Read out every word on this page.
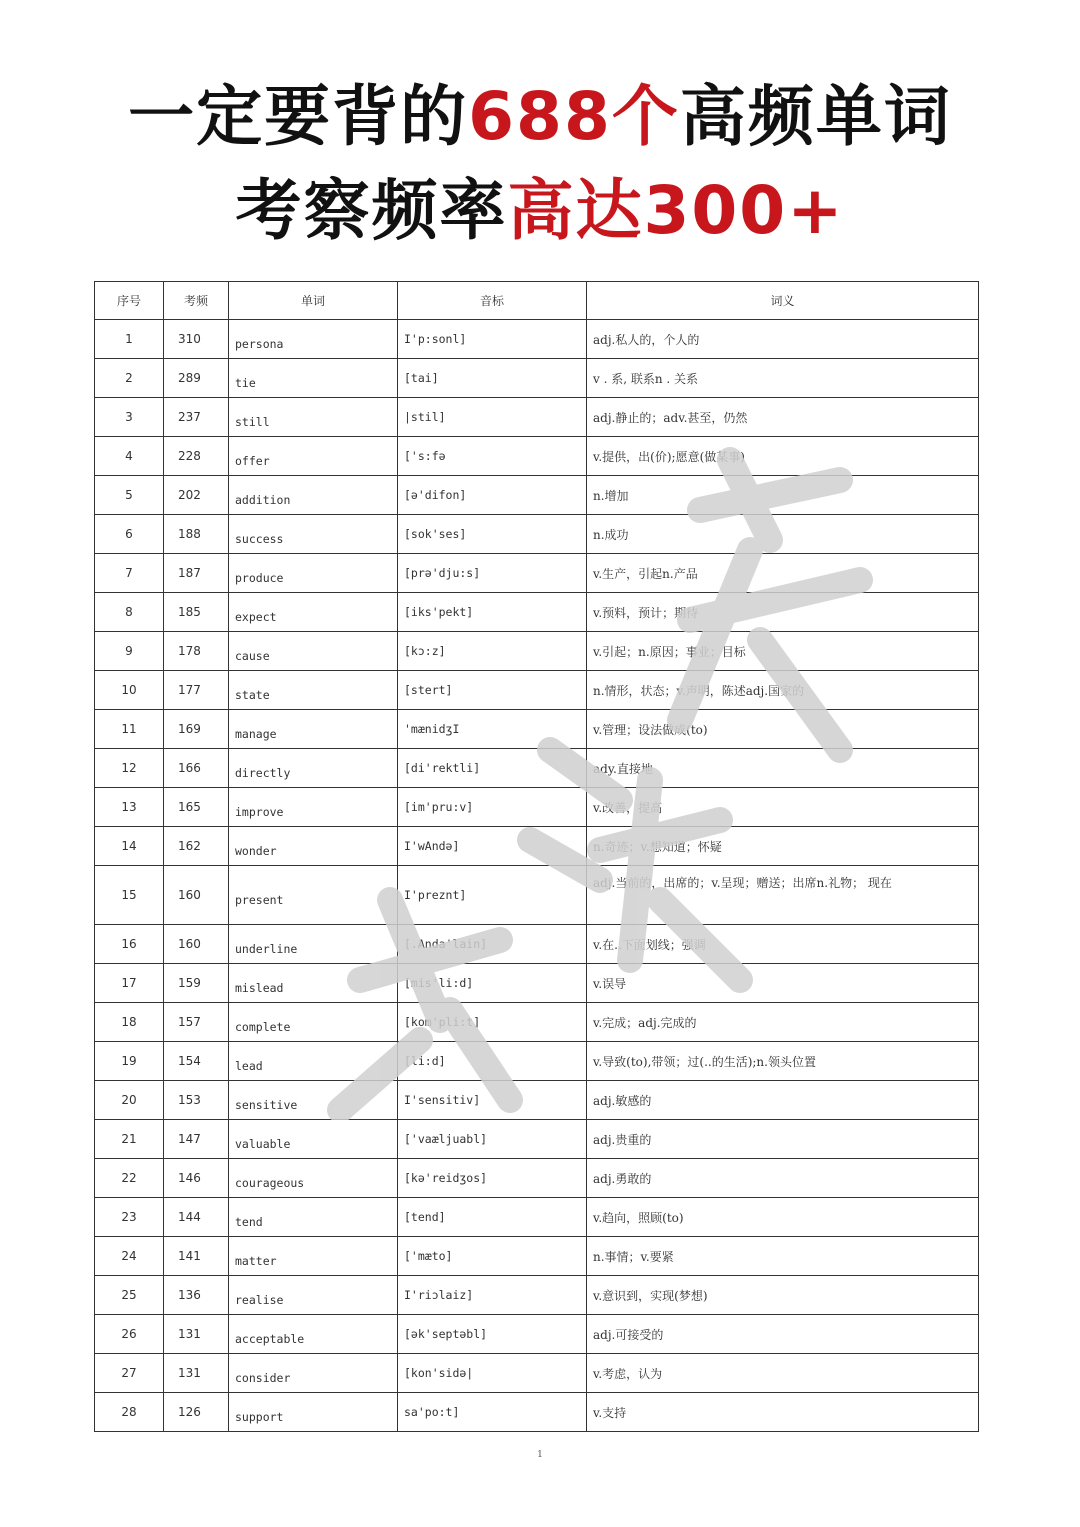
一定要背的688个高频单词
考察频率高达300+
序号	考频	单词	音标	词义
1	310	persona	I'p:sonl]	adj.私人的，个人的
2	289	tie	[tai]	v . 系, 联系n . 关系
3	237	still	|stil]	adj.静止的；adv.甚至，仍然
4	228	offer	['s:fə	v.提供，出(价);愿意(做某事)
5	202	addition	[ə'difon]	n.增加
6	188	success	[sok'ses]	n.成功
7	187	produce	[prə'dju:s]	v.生产，引起n.产品
8	185	expect	[iks'pekt]	v.预料，预计；期待
9	178	cause	[kɔ:z]	v.引起；n.原因；事业；目标
10	177	state	[stert]	n.情形，状态；v.声明，陈述adj.国家的
11	169	manage	'mænidʒI	v.管理；设法做成(to)
12	166	directly	[di'rektli]	ady.直接地
13	165	improve	[im'pru:v]	v.改善，提高
14	162	wonder	I'wAndə]	n.奇迹；v.想知道；怀疑
15	160	present	I'preznt]	adj.当前的，出席的；v.呈现；赠送；出席n.礼物； 现在
16	160	underline	[.Anda'lain]	v.在..下面划线；强调
17	159	mislead	[mis'li:d]	v.误导
18	157	complete	[kom'pli:t]	v.完成；adj.完成的
19	154	lead	[li:d]	v.导致(to),带领；过(..的生活);n.领头位置
20	153	sensitive	I'sensitiv]	adj.敏感的
21	147	valuable	['vaæljuabl]	adj.贵重的
22	146	courageous	[kə'reidʒos]	adj.勇敢的
23	144	tend	[tend]	v.趋向，照顾(to)
24	141	matter	['mæto]	n.事情；v.要紧
25	136	realise	I'riɔlaiz]	v.意识到，实现(梦想)
26	131	acceptable	[ək'septəbl]	adj.可接受的
27	131	consider	[kon'sidə|	v.考虑，认为
28	126	support	sa'po:t]	v.支持
赢在学考
1
